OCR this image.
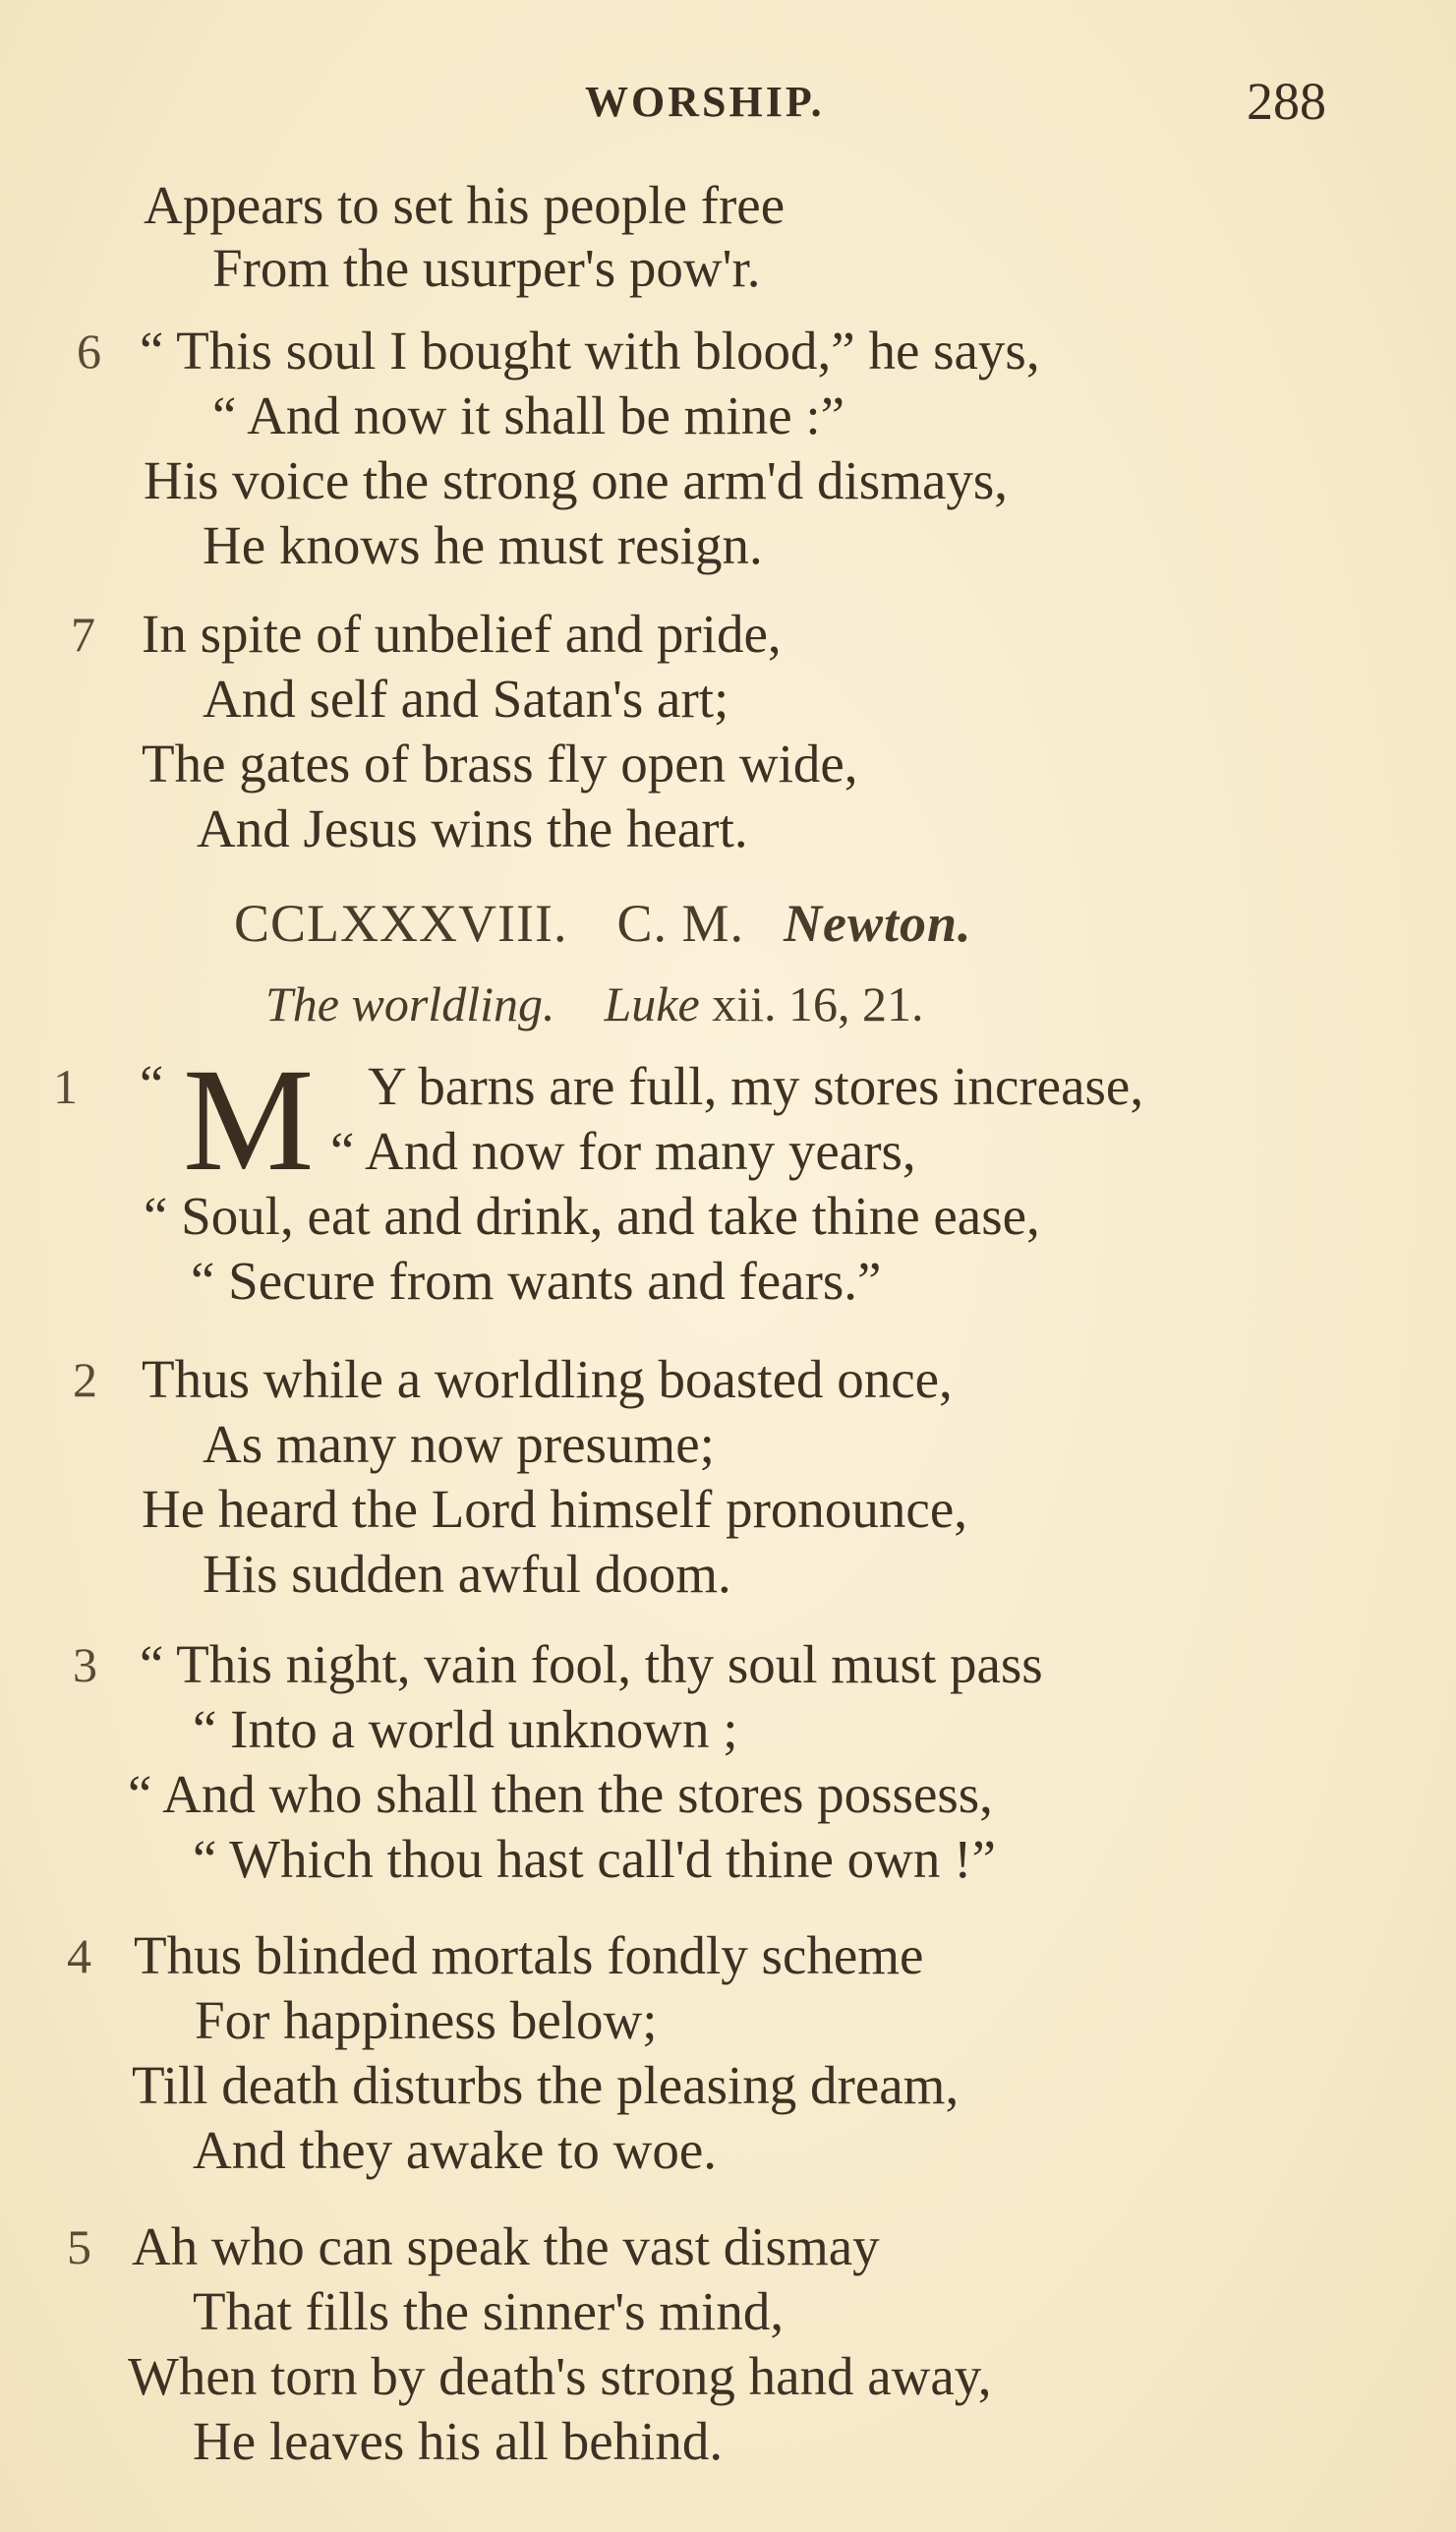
WORSHIP.	288
Appears to set his people free
From the usurper's pow'r.
6 “ This soul I bought with blood,” he says,
“ And now it shall be mine :”
His voice the strong one arm'd dismays,
He knows he must resign.
7 In spite of unbelief and pride,
And self and Satan's art;
The gates of brass fly open wide,
And Jesus wins the heart.
CCLXXXVIII. C. M. Newton.
The worldling. Luke xii. 16, 21.
1 “ M Y barns are full, my stores increase,
“ And now for many years,
“ Soul, eat and drink, and take thine ease,
“ Secure from wants and fears.”
2 Thus while a worldling boasted once,
As many now presume;
He heard the Lord himself pronounce,
His sudden awful doom.
3 “ This night, vain fool, thy soul must pass
“ Into a world unknown ;
“ And who shall then the stores possess,
“ Which thou hast call'd thine own !”
4 Thus blinded mortals fondly scheme
For happiness below;
Till death disturbs the pleasing dream,
And they awake to woe.
5 Ah who can speak the vast dismay
That fills the sinner's mind,
When torn by death's strong hand away,
He leaves his all behind.
